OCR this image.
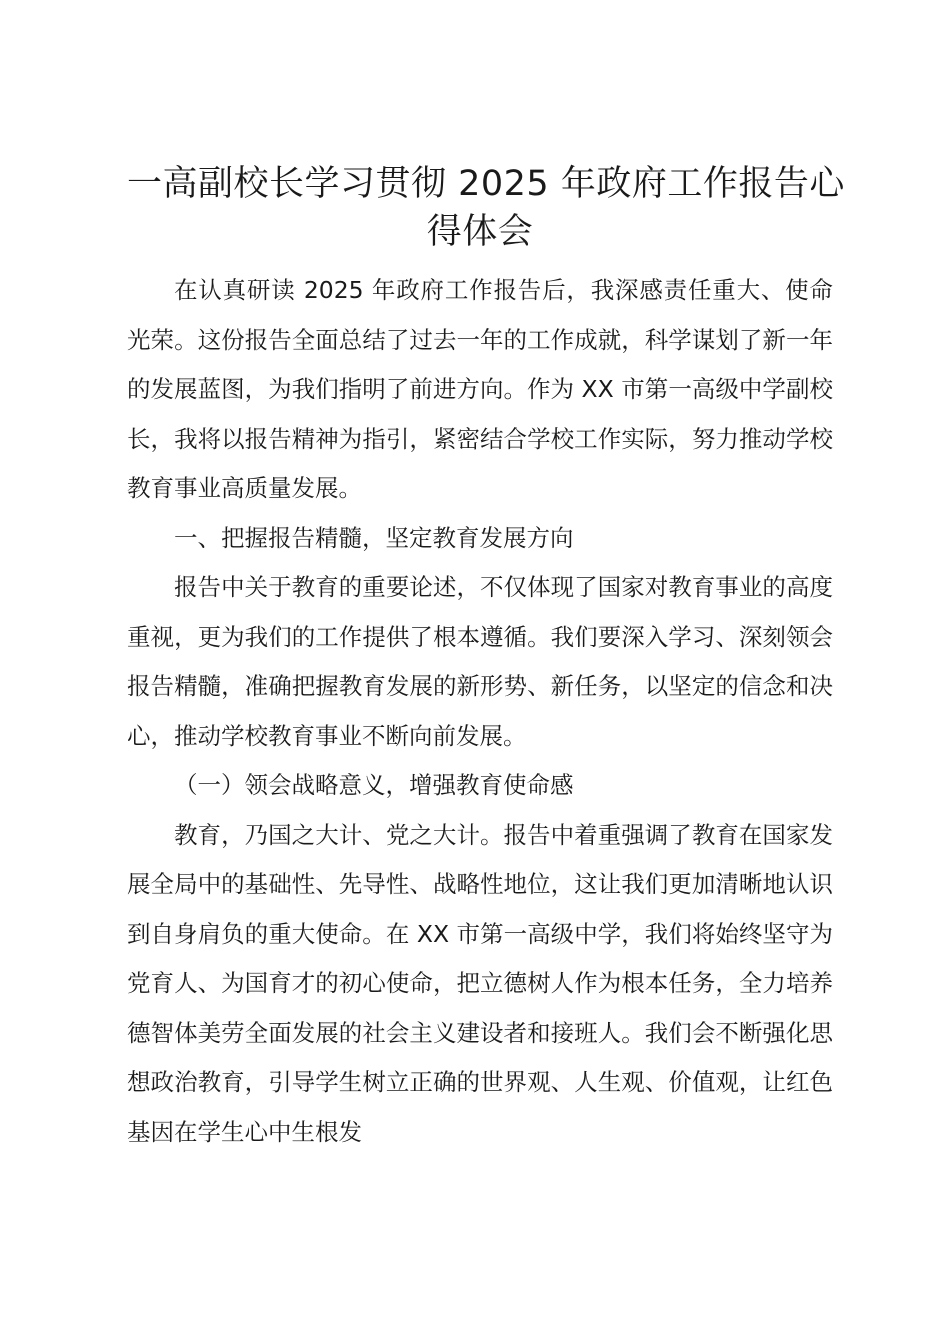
一高副校长学习贯彻 2025 年政府工作报告心
得体会

在认真研读 2025 年政府工作报告后，我深感责任重大、使命光荣。这份报告全面总结了过去一年的工作成就，科学谋划了新一年的发展蓝图，为我们指明了前进方向。作为 XX 市第一高级中学副校长，我将以报告精神为指引，紧密结合学校工作实际，努力推动学校教育事业高质量发展。

一、把握报告精髓，坚定教育发展方向

报告中关于教育的重要论述，不仅体现了国家对教育事业的高度重视，更为我们的工作提供了根本遵循。我们要深入学习、深刻领会报告精髓，准确把握教育发展的新形势、新任务，以坚定的信念和决心，推动学校教育事业不断向前发展。

（一）领会战略意义，增强教育使命感

教育，乃国之大计、党之大计。报告中着重强调了教育在国家发展全局中的基础性、先导性、战略性地位，这让我们更加清晰地认识到自身肩负的重大使命。在 XX 市第一高级中学，我们将始终坚守为党育人、为国育才的初心使命，把立德树人作为根本任务，全力培养德智体美劳全面发展的社会主义建设者和接班人。我们会不断强化思想政治教育，引导学生树立正确的世界观、人生观、价值观，让红色基因在学生心中生根发
